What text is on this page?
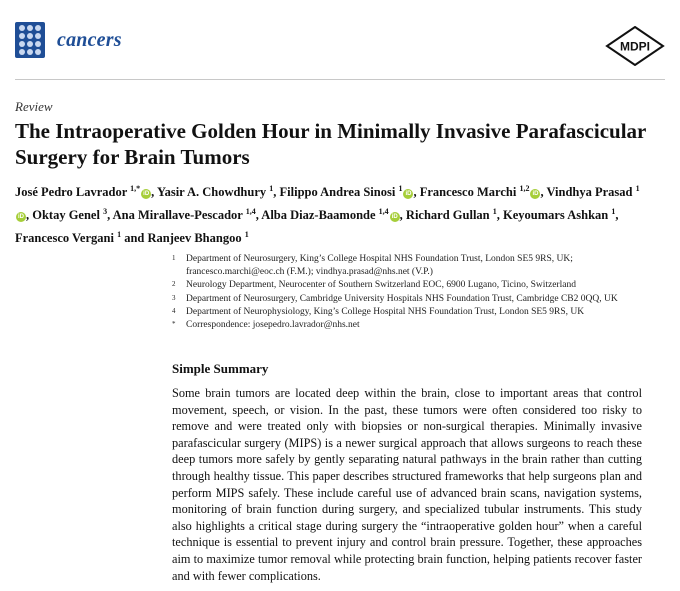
cancers	MDPI
Review
The Intraoperative Golden Hour in Minimally Invasive Parafascicular Surgery for Brain Tumors
José Pedro Lavrador $^{1,*}$iD , Yasir A. Chowdhury $^1$, Filippo Andrea Sinosi $^1$iD , Francesco Marchi $^{1,2}$iD , Vindhya Prasad $^1$iD , Oktay Genel $^3$, Ana Mirallave-Pescador $^{1,4}$, Alba Diaz-Baamonde $^{1,4}$iD , Richard Gullan $^1$, Keyoumars Ashkan $^1$, Francesco Vergani $^1$ and Ranjeev Bhangoo $^1$
1	Department of Neurosurgery, King’s College Hospital NHS Foundation Trust, London SE5 9RS, UK; francesco.marchi@eoc.ch (F.M.); vindhya.prasad@nhs.net (V.P.)
2	Neurology Department, Neurocenter of Southern Switzerland EOC, 6900 Lugano, Ticino, Switzerland
3	Department of Neurosurgery, Cambridge University Hospitals NHS Foundation Trust, Cambridge CB2 0QQ, UK
4	Department of Neurophysiology, King’s College Hospital NHS Foundation Trust, London SE5 9RS, UK
*	Correspondence: josepedro.lavrador@nhs.net
Simple Summary
Some brain tumors are located deep within the brain, close to important areas that control movement, speech, or vision. In the past, these tumors were often considered too risky to remove and were treated only with biopsies or non-surgical therapies. Minimally invasive parafascicular surgery (MIPS) is a newer surgical approach that allows surgeons to reach these deep tumors more safely by gently separating natural pathways in the brain rather than cutting through healthy tissue. This paper describes structured frameworks that help surgeons plan and perform MIPS safely. These include careful use of advanced brain scans, navigation systems, monitoring of brain function during surgery, and specialized tubular instruments. This study also highlights a critical stage during surgery the “intraoperative golden hour” when a careful technique is essential to prevent injury and control brain pressure. Together, these approaches aim to maximize tumor removal while protecting brain function, helping patients recover faster and with fewer complications.
